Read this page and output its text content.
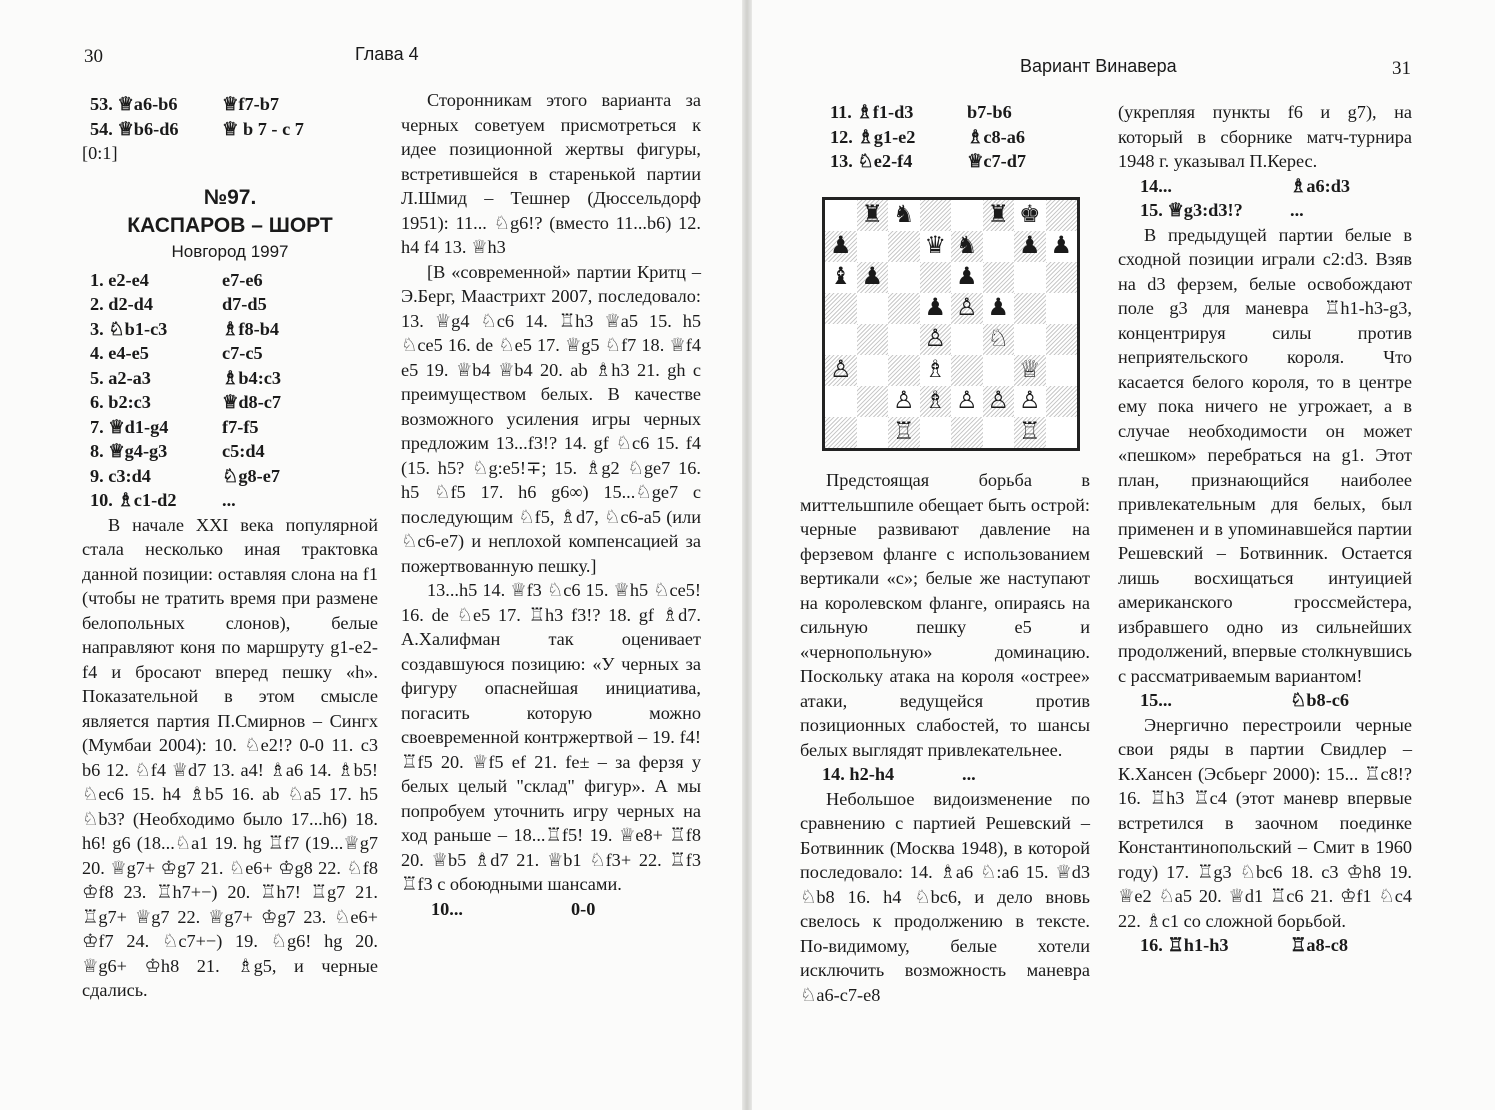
30	Глава 4
53. ♕a6-b6	♕f7-b7
54. ♕b6-d6	♕ b 7 - c 7

[0:1]

№97.
КАСПАРОВ – ШОРТ
Новгород 1997
1. e2-e4	e7-e6
2. d2-d4	d7-d5
3. ♘b1-c3	♗f8-b4
4. e4-e5	c7-c5
5. a2-a3	♗b4:c3
6. b2:c3	♕d8-c7
7. ♕d1-g4	f7-f5
8. ♕g4-g3	c5:d4
9. c3:d4	♘g8-e7
10. ♗c1-d2	...

В начале XXI века популярной стала несколько иная трактовка данной позиции: оставляя слона на f1 (чтобы не тратить время при размене белопольных слонов), белые направляют коня по маршруту g1-e2-f4 и бросают вперед пешку «h». Показательной в этом смысле является партия П.Смирнов – Сингх (Мумбаи 2004): 10. ♘e2!? 0-0 11. c3 b6 12. ♘f4 ♕d7 13. a4! ♗a6 14. ♗b5! ♘ec6 15. h4 ♗b5 16. ab ♘a5 17. h5 ♘b3? (Необходимо было 17...h6) 18. h6! g6 (18...♘a1 19. hg ♖f7 (19...♕g7 20. ♕g7+ ♔g7 21. ♘e6+ ♔g8 22. ♘f8 ♔f8 23. ♖h7+−) 20. ♖h7! ♖g7 21. ♖g7+ ♕g7 22. ♕g7+ ♔g7 23. ♘e6+ ♔f7 24. ♘c7+−) 19. ♘g6! hg 20. ♕g6+ ♔h8 21. ♗g5, и черные сдались.

Сторонникам этого варианта за черных советуем присмотреться к идее позиционной жертвы фигуры, встретившейся в старенькой партии Л.Шмид – Тешнер (Дюссельдорф 1951): 11... ♘g6!? (вместо 11...b6) 12. h4 f4 13. ♕h3

[В «современной» партии Критц – Э.Берг, Маастрихт 2007, последовало: 13. ♕g4 ♘c6 14. ♖h3 ♕a5 15. h5 ♘ce5 16. de ♘e5 17. ♕g5 ♘f7 18. ♕f4 e5 19. ♕b4 ♕b4 20. ab ♗h3 21. gh с преимуществом белых. В качестве возможного усиления игры черных предложим 13...f3!? 14. gf ♘c6 15. f4 (15. h5? ♘g:e5!∓; 15. ♗g2 ♘ge7 16. h5 ♘f5 17. h6 g6∞) 15...♘ge7 с последующим ♘f5, ♗d7, ♘c6-a5 (или ♘c6-e7) и неплохой компенсацией за пожертвованную пешку.]

13...h5 14. ♕f3 ♘c6 15. ♕h5 ♘ce5! 16. de ♘e5 17. ♖h3 f3!? 18. gf ♗d7. А.Халифман так оценивает создавшуюся позицию: «У черных за фигуру опаснейшая инициатива, погасить которую можно своевременной контржертвой – 19. f4! ♖f5 20. ♕f5 ef 21. fe± – за ферзя у белых целый "склад" фигур». А мы попробуем уточнить игру черных на ход раньше – 18...♖f5! 19. ♕e8+ ♖f8 20. ♕b5 ♗d7 21. ♕b1 ♘f3+ 22. ♖f3 ♖f3 с обоюдными шансами.

10...	0-0
Вариант Винавера	31
11. ♗f1-d3	b7-b6
12. ♗g1-e2	♗c8-a6
13. ♘e2-f4	♕c7-d7

Предстоящая борьба в миттельшпиле обещает быть острой: черные развивают давление на ферзевом фланге с использованием вертикали «c»; белые же наступают на королевском фланге, опираясь на сильную пешку e5 и «чернопольную» доминацию. Поскольку атака на короля «острее» атаки, ведущейся против позиционных слабостей, то шансы белых выглядят привлекательнее.

14. h2-h4	...

Небольшое видоизменение по сравнению с партией Решевский – Ботвинник (Москва 1948), в которой последовало: 14. ♗a6 ♘:a6 15. ♕d3 ♘b8 16. h4 ♘bc6, и дело вновь свелось к продолжению в тексте. По-видимому, белые хотели исключить возможность маневра ♘a6-c7-e8

(укрепляя пункты f6 и g7), на который в сборнике матч-турнира 1948 г. указывал П.Керес.

14...	♗a6:d3
15. ♕g3:d3!?	...

В предыдущей партии белые в сходной позиции играли c2:d3. Взяв на d3 ферзем, белые освобождают поле g3 для маневра ♖h1-h3-g3, концентрируя силы против неприятельского короля. Что касается белого короля, то в центре ему пока ничего не угрожает, а в случае необходимости он может «пешком» перебраться на g1. Этот план, признающийся наиболее привлекательным для белых, был применен и в упоминавшейся партии Решевский – Ботвинник. Остается лишь восхищаться интуицией американского гроссмейстера, избравшего одно из сильнейших продолжений, впервые столкнувшись с рассматриваемым вариантом!

15...	♘b8-c6

Энергично перестроили черные свои ряды в партии Свидлер – К.Хансен (Эсбьерг 2000): 15... ♖c8!? 16. ♖h3 ♖c4 (этот маневр впервые встретился в заочном поединке Константинопольский – Смит в 1960 году) 17. ♖g3 ♘bc6 18. c3 ♔h8 19. ♕e2 ♘a5 20. ♕d1 ♖c6 21. ♔f1 ♘c4 22. ♗c1 со сложной борьбой.

16. ♖h1-h3	♖a8-c8
♜ ♞	♜ ♚
♟	♛ ♞ ♟ ♟
♝ ♟	♟
♟ ♙ ♟
♙ ♘
♙	♗	♕
♙ ♗ ♙ ♙ ♙
♖	♖
